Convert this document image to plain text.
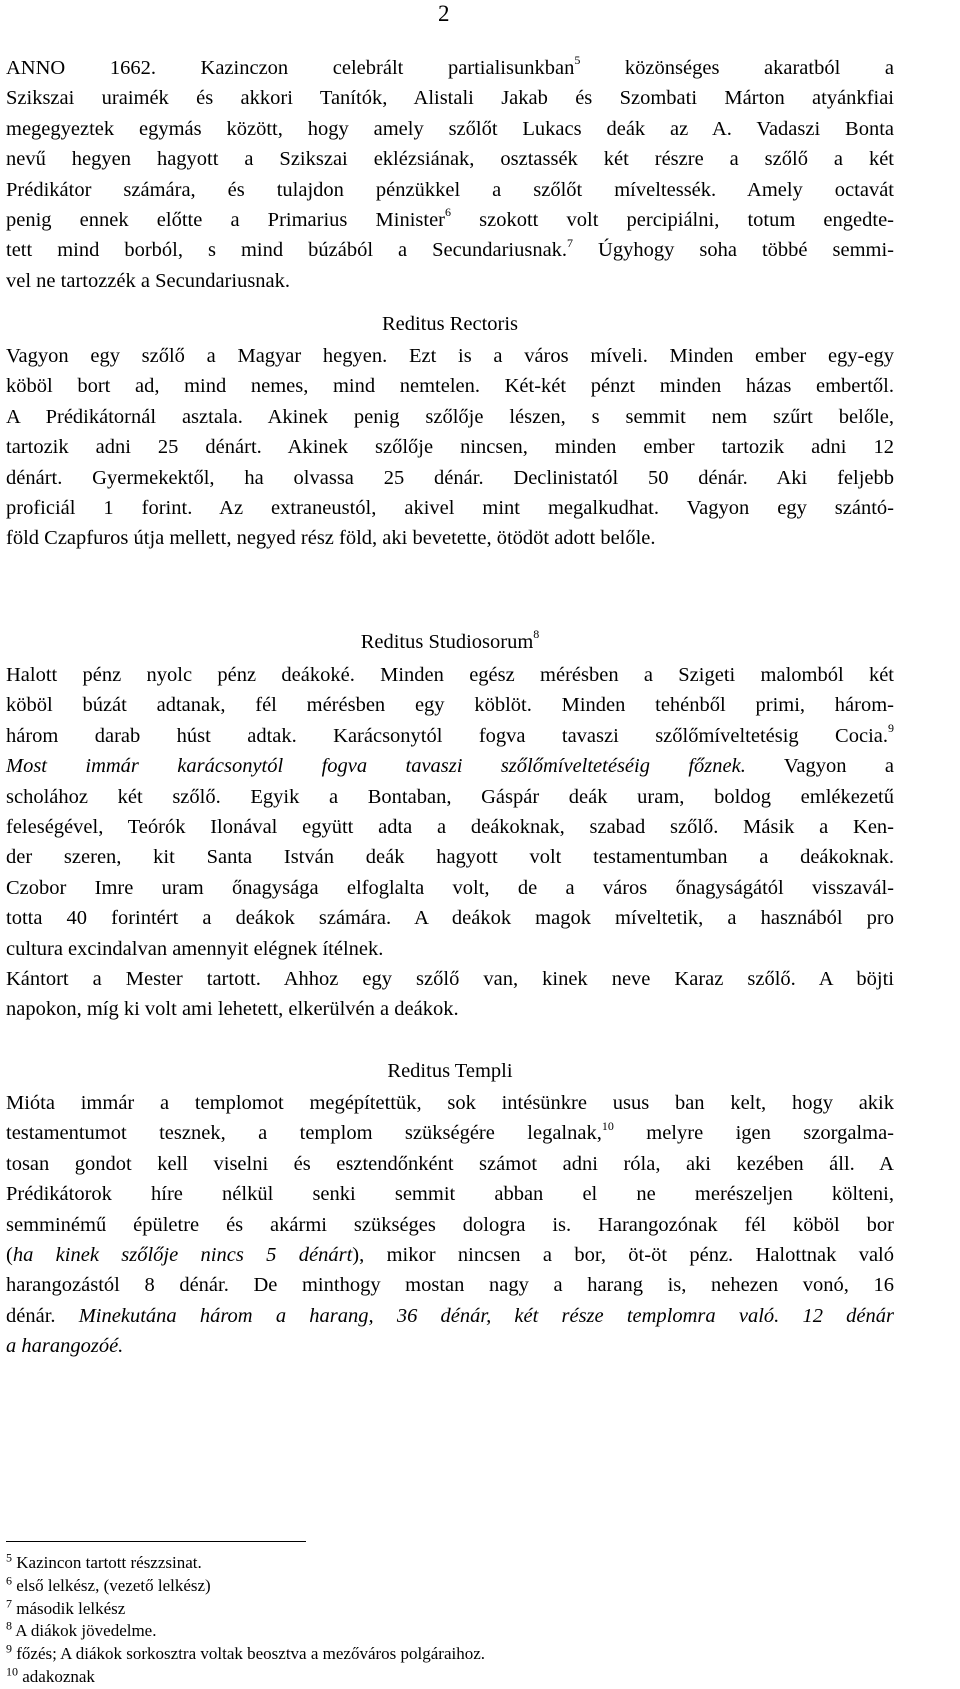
2
ANNO 1662. Kazinczon celebrált partialisunkban$^5$ közönséges akaratból a
Szikszai uraimék és akkori Tanítók, Alistali Jakab és Szombati Márton atyánkfiai
megegyeztek egymás között, hogy amely szőlőt Lukacs deák az A. Vadaszi Bonta
nevű hegyen hagyott a Szikszai eklézsiának, osztassék két részre a szőlő a két
Prédikátor számára, és tulajdon pénzükkel a szőlőt míveltessék. Amely octavát
penig ennek előtte a Primarius Minister$^6$ szokott volt percipiálni, totum engedte-
tett mind borból, s mind búzából a Secundariusnak.$^7$ Úgyhogy soha többé semmi-
vel ne tartozzék a Secundariusnak.
Reditus Rectoris
Vagyon egy szőlő a Magyar hegyen. Ezt is a város míveli. Minden ember egy-egy
köböl bort ad, mind nemes, mind nemtelen. Két-két pénzt minden házas embertől.
A Prédikátornál asztala. Akinek penig szőlője lészen, s semmit nem szűrt belőle,
tartozik adni 25 dénárt. Akinek szőlője nincsen, minden ember tartozik adni 12
dénárt. Gyermekektől, ha olvassa 25 dénár. Declinistatól 50 dénár. Aki feljebb
proficiál 1 forint. Az extraneustól, akivel mint megalkudhat. Vagyon egy szántó-
föld Czapfuros útja mellett, negyed rész föld, aki bevetette, ötödöt adott belőle.
Reditus Studiosorum$^8$
Halott pénz nyolc pénz deákoké. Minden egész mérésben a Szigeti malomból két
köböl búzát adtanak, fél mérésben egy köblöt. Minden tehénből primi, három-
három darab húst adtak. Karácsonytól fogva tavaszi szőlőmíveltetésig Cocia.$^9$
Most immár karácsonytól fogva tavaszi szőlőmíveltetéséig főznek. Vagyon a
scholához két szőlő. Egyik a Bontaban, Gáspár deák uram, boldog emlékezetű
feleségével, Teórók Ilonával együtt adta a deákoknak, szabad szőlő. Másik a Ken-
der szeren, kit Santa István deák hagyott volt testamentumban a deákoknak.
Czobor Imre uram őnagysága elfoglalta volt, de a város őnagyságától visszavál-
totta 40 forintért a deákok számára. A deákok magok míveltetik, a hasznából pro
cultura excindalvan amennyit elégnek ítélnek.
Kántort a Mester tartott. Ahhoz egy szőlő van, kinek neve Karaz szőlő. A böjti
napokon, míg ki volt ami lehetett, elkerülvén a deákok.
Reditus Templi
Mióta immár a templomot megépítettük, sok intésünkre usus ban kelt, hogy akik
testamentumot tesznek, a templom szükségére legalnak,$^{10}$ melyre igen szorgalma-
tosan gondot kell viselni és esztendőnként számot adni róla, aki kezében áll. A
Prédikátorok híre nélkül senki semmit abban el ne merészeljen költeni,
semminémű épületre és akármi szükséges dologra is. Harangozónak fél köböl bor
(ha kinek szőlője nincs 5 dénárt), mikor nincsen a bor, öt-öt pénz. Halottnak való
harangozástól 8 dénár. De minthogy mostan nagy a harang is, nehezen vonó, 16
dénár. Minekutána három a harang, 36 dénár, két része templomra való. 12 dénár
a harangozóé.
$^5$ Kazincon tartott részzsinat.
$^6$ első lelkész, (vezető lelkész)
$^7$ második lelkész
$^8$ A diákok jövedelme.
$^9$ főzés; A diákok sorkosztra voltak beosztva a mezőváros polgáraihoz.
$^{10}$ adakoznak
